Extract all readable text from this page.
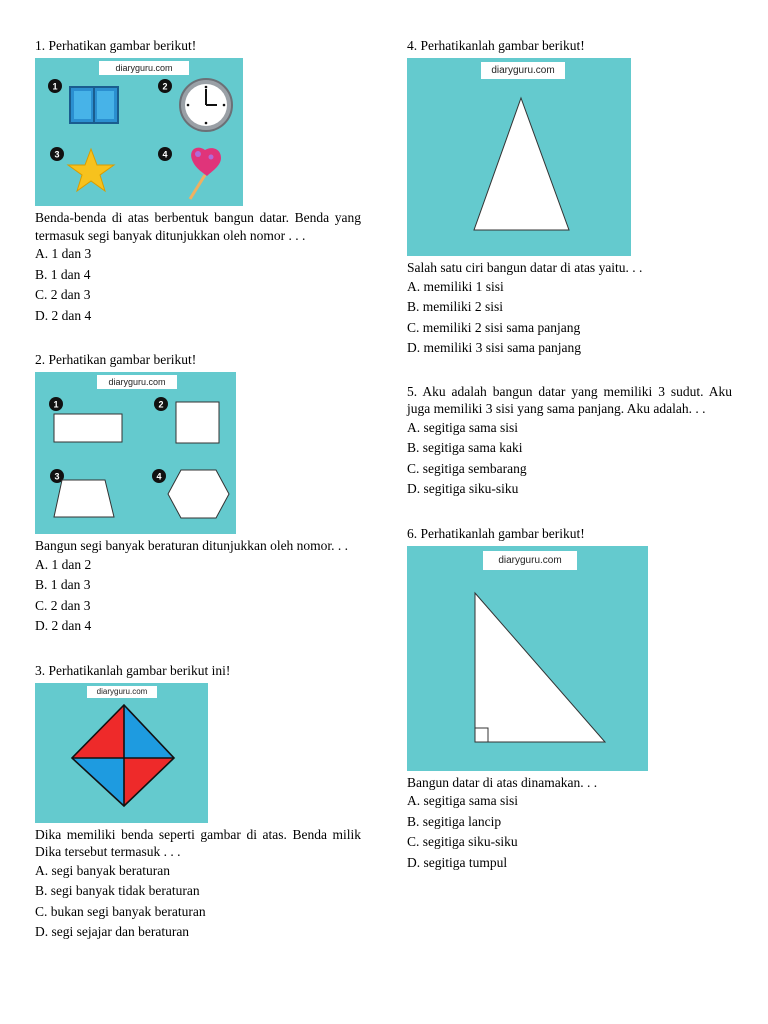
1. Perhatikan gambar berikut!
diaryguru.com
1	2
3	4
Benda-benda di atas berbentuk bangun datar. Benda yang termasuk segi banyak ditunjukkan oleh nomor . . .
A. 1 dan 3
B. 1 dan 4
C. 2 dan 3
D. 2 dan 4
2. Perhatikan gambar berikut!
diaryguru.com
1	2
3	4
Bangun segi banyak beraturan ditunjukkan oleh nomor. . .
A. 1 dan 2
B. 1 dan 3
C. 2 dan 3
D. 2 dan 4
3. Perhatikanlah gambar berikut ini!
diaryguru.com
Dika memiliki benda seperti gambar di atas. Benda milik Dika tersebut termasuk . . .
A. segi banyak beraturan
B. segi banyak tidak beraturan
C. bukan segi banyak beraturan
D. segi sejajar dan beraturan
4. Perhatikanlah gambar berikut!
diaryguru.com
Salah satu ciri bangun datar di atas yaitu. . .
A. memiliki 1 sisi
B. memiliki 2 sisi
C. memiliki 2 sisi sama panjang
D. memiliki 3 sisi sama panjang
5. Aku adalah bangun datar yang memiliki 3 sudut. Aku juga memiliki 3 sisi yang sama panjang. Aku adalah. . .
A. segitiga sama sisi
B. segitiga sama kaki
C. segitiga sembarang
D. segitiga siku-siku
6. Perhatikanlah gambar berikut!
diaryguru.com
Bangun datar di atas dinamakan. . .
A. segitiga sama sisi
B. segitiga lancip
C. segitiga siku-siku
D. segitiga tumpul
